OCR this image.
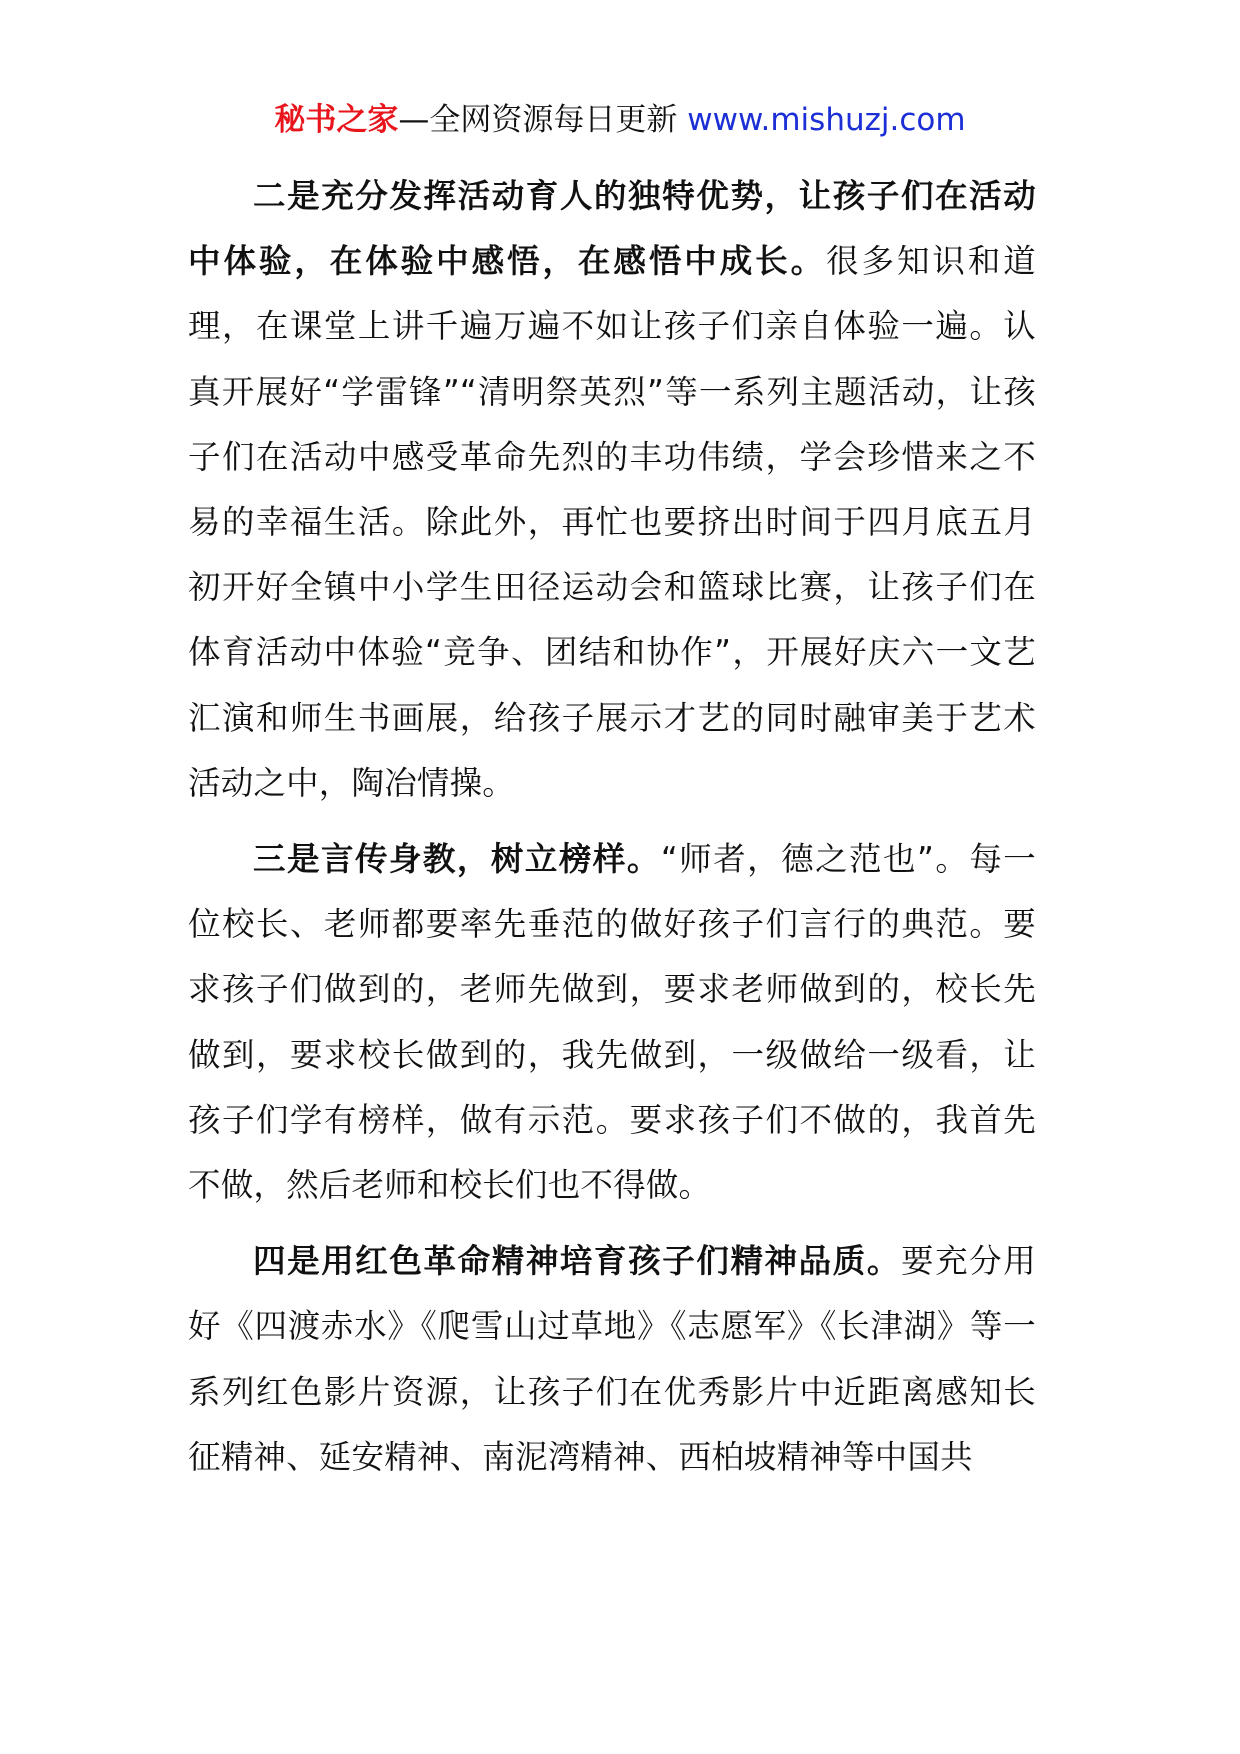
秘书之家—全网资源每日更新 www.mishuzj.com

二是充分发挥活动育人的独特优势，让孩子们在活动中体验，在体验中感悟，在感悟中成长。很多知识和道理，在课堂上讲千遍万遍不如让孩子们亲自体验一遍。认真开展好“学雷锋”“清明祭英烈”等一系列主题活动，让孩子们在活动中感受革命先烈的丰功伟绩，学会珍惜来之不易的幸福生活。除此外，再忙也要挤出时间于四月底五月初开好全镇中小学生田径运动会和篮球比赛，让孩子们在体育活动中体验“竞争、团结和协作”，开展好庆六一文艺汇演和师生书画展，给孩子展示才艺的同时融审美于艺术活动之中，陶冶情操。

三是言传身教，树立榜样。“师者，德之范也”。每一位校长、老师都要率先垂范的做好孩子们言行的典范。要求孩子们做到的，老师先做到，要求老师做到的，校长先做到，要求校长做到的，我先做到，一级做给一级看，让孩子们学有榜样，做有示范。要求孩子们不做的，我首先不做，然后老师和校长们也不得做。

四是用红色革命精神培育孩子们精神品质。要充分用好《四渡赤水》《爬雪山过草地》《志愿军》《长津湖》等一系列红色影片资源，让孩子们在优秀影片中近距离感知长征精神、延安精神、南泥湾精神、西柏坡精神等中国共
